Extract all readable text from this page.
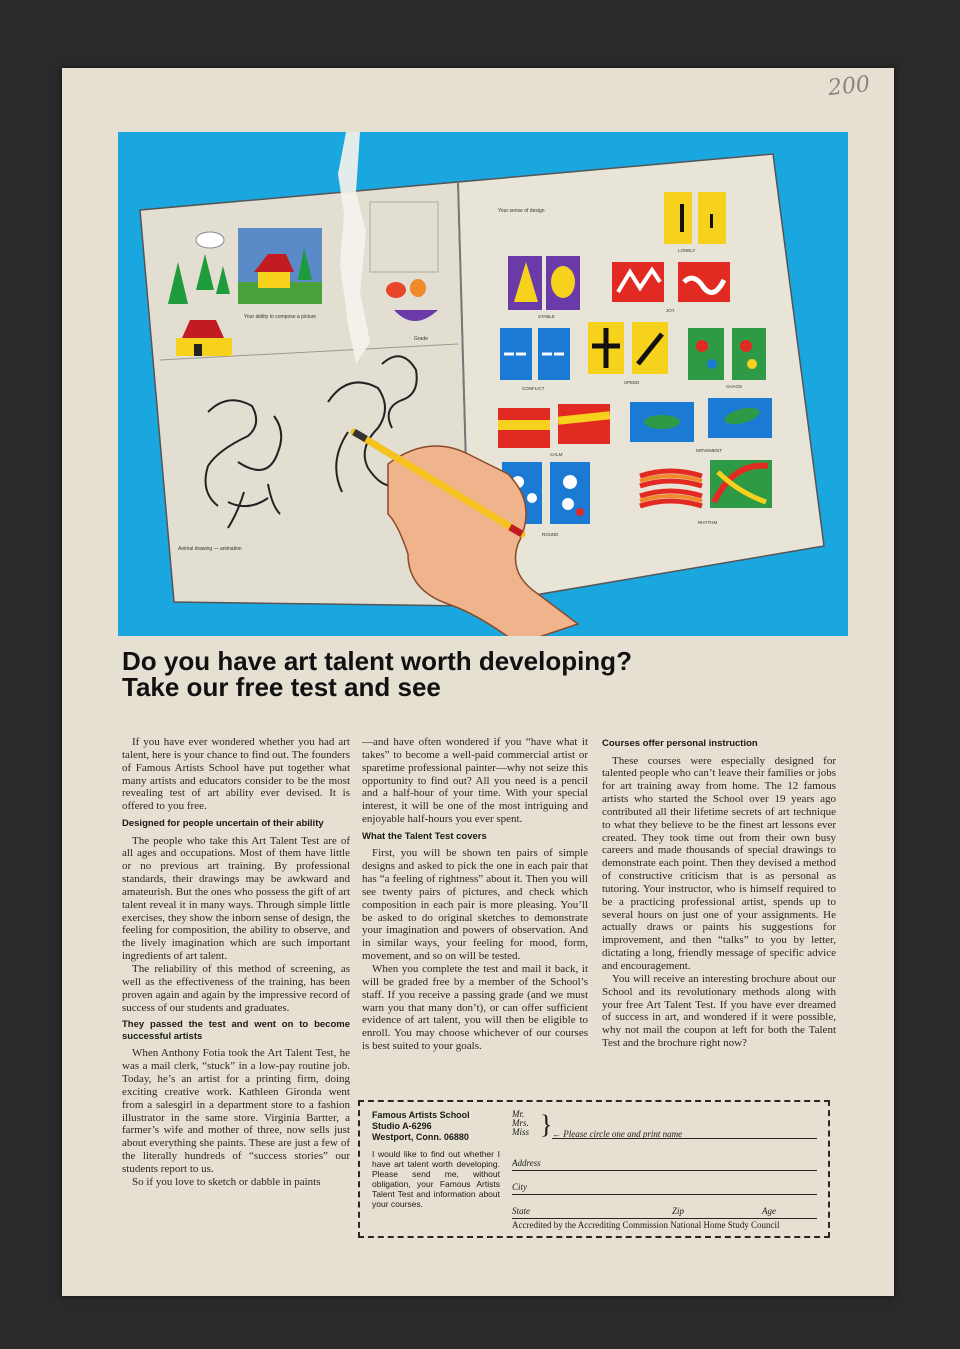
200
Your ability to compose a picture
Grade
Your sense of design
LONELY
STABLE
JOY
CONFLICT
SPEED
CHAOS
CALM
MOVEMENT
ROUND
RHYTHM
Animal drawing — animation
Do you have art talent worth developing?
Take our free test and see

If you have ever wondered whether you had art talent, here is your chance to find out. The founders of Famous Artists School have put together what many artists and educators consider to be the most revealing test of art ability ever devised. It is offered to you free.

Designed for people uncertain of their ability

The people who take this Art Talent Test are of all ages and occupations. Most of them have little or no previous art training. By professional standards, their drawings may be awkward and amateurish. But the ones who possess the gift of art talent reveal it in many ways. Through simple little exercises, they show the inborn sense of design, the feeling for composition, the ability to observe, and the lively imagination which are such important ingredients of art talent.

The reliability of this method of screening, as well as the effectiveness of the training, has been proven again and again by the impressive record of success of our students and graduates.

They passed the test and went on to become successful artists

When Anthony Fotia took the Art Talent Test, he was a mail clerk, “stuck” in a low-pay routine job. Today, he’s an artist for a printing firm, doing exciting creative work. Kathleen Gironda went from a salesgirl in a department store to a fashion illustrator in the same store. Virginia Bartter, a farmer’s wife and mother of three, now sells just about everything she paints. These are just a few of the literally hundreds of “success stories” our students report to us.

So if you love to sketch or dabble in paints

—and have often wondered if you “have what it takes” to become a well-paid commercial artist or sparetime professional painter—why not seize this opportunity to find out? All you need is a pencil and a half-hour of your time. With your special interest, it will be one of the most intriguing and enjoyable half-hours you ever spent.

What the Talent Test covers

First, you will be shown ten pairs of simple designs and asked to pick the one in each pair that has “a feeling of rightness” about it. Then you will see twenty pairs of pictures, and check which composition in each pair is more pleasing. You’ll be asked to do original sketches to demonstrate your imagination and powers of observation. And in similar ways, your feeling for mood, form, movement, and so on will be tested.

When you complete the test and mail it back, it will be graded free by a member of the School’s staff. If you receive a passing grade (and we must warn you that many don’t), or can offer sufficient evidence of art talent, you will then be eligible to enroll. You may choose whichever of our courses is best suited to your goals.

Courses offer personal instruction

These courses were especially designed for talented people who can’t leave their families or jobs for art training away from home. The 12 famous artists who started the School over 19 years ago contributed all their lifetime secrets of art technique to what they believe to be the finest art lessons ever created. They took time out from their own busy careers and made thousands of special drawings to demonstrate each point. Then they devised a method of constructive criticism that is as personal as tutoring. Your instructor, who is himself required to be a practicing professional artist, spends up to several hours on just one of your assignments. He actually draws or paints his suggestions for improvement, and then “talks” to you by letter, dictating a long, friendly message of specific advice and encouragement.

You will receive an interesting brochure about our School and its revolutionary methods along with your free Art Talent Test. If you have ever dreamed of success in art, and wondered if it were possible, why not mail the coupon at left for both the Talent Test and the brochure right now?

Famous Artists School
Studio A-6296
Westport, Conn. 06880
I would like to find out whether I have art talent worth developing. Please send me, without obligation, your Famous Artists Talent Test and information about your courses.
Mr.
Mrs.
Miss } ← Please circle one and print name
Address
City
State	Zip	Age
Accredited by the Accrediting Commission National Home Study Council
